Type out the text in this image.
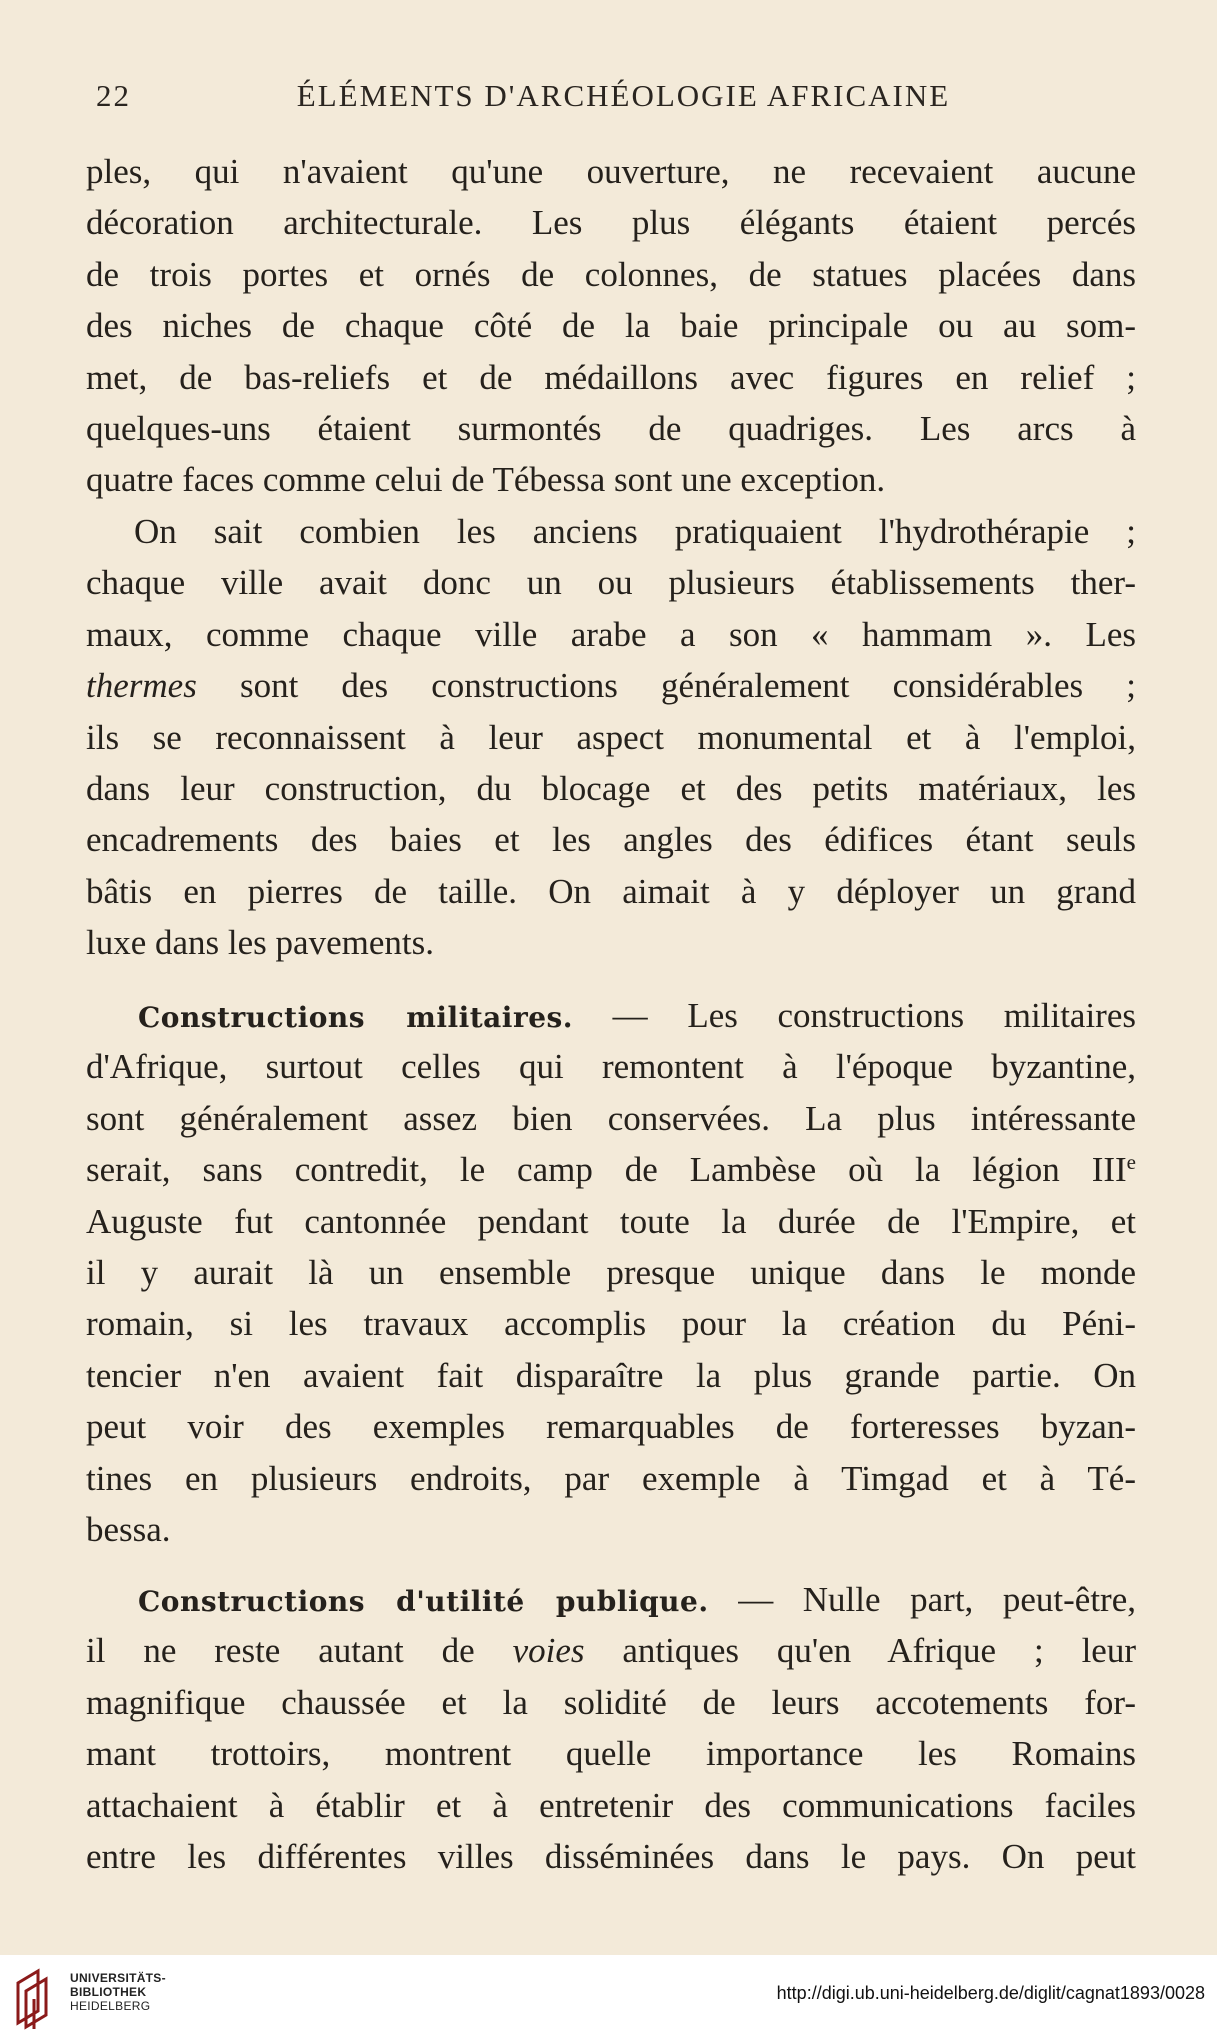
22	ÉLÉMENTS D'ARCHÉOLOGIE AFRICAINE
ples, qui n'avaient qu'une ouverture, ne recevaient aucune
décoration architecturale. Les plus élégants étaient percés
de trois portes et ornés de colonnes, de statues placées dans
des niches de chaque côté de la baie principale ou au som-
met, de bas-reliefs et de médaillons avec figures en relief ;
quelques-uns étaient surmontés de quadriges. Les arcs à
quatre faces comme celui de Tébessa sont une exception.
On sait combien les anciens pratiquaient l'hydrothérapie ;
chaque ville avait donc un ou plusieurs établissements ther-
maux, comme chaque ville arabe a son « hammam ». Les
thermes sont des constructions généralement considérables ;
ils se reconnaissent à leur aspect monumental et à l'emploi,
dans leur construction, du blocage et des petits matériaux, les
encadrements des baies et les angles des édifices étant seuls
bâtis en pierres de taille. On aimait à y déployer un grand
luxe dans les pavements.
Constructions militaires. — Les constructions militaires
d'Afrique, surtout celles qui remontent à l'époque byzantine,
sont généralement assez bien conservées. La plus intéressante
serait, sans contredit, le camp de Lambèse où la légion IIIe
Auguste fut cantonnée pendant toute la durée de l'Empire, et
il y aurait là un ensemble presque unique dans le monde
romain, si les travaux accomplis pour la création du Péni-
tencier n'en avaient fait disparaître la plus grande partie. On
peut voir des exemples remarquables de forteresses byzan-
tines en plusieurs endroits, par exemple à Timgad et à Té-
bessa.
Constructions d'utilité publique. — Nulle part, peut-être,
il ne reste autant de voies antiques qu'en Afrique ; leur
magnifique chaussée et la solidité de leurs accotements for-
mant trottoirs, montrent quelle importance les Romains
attachaient à établir et à entretenir des communications faciles
entre les différentes villes disséminées dans le pays. On peut
UNIVERSITÄTS-
BIBLIOTHEK
HEIDELBERG
http://digi.ub.uni-heidelberg.de/diglit/cagnat1893/0028
